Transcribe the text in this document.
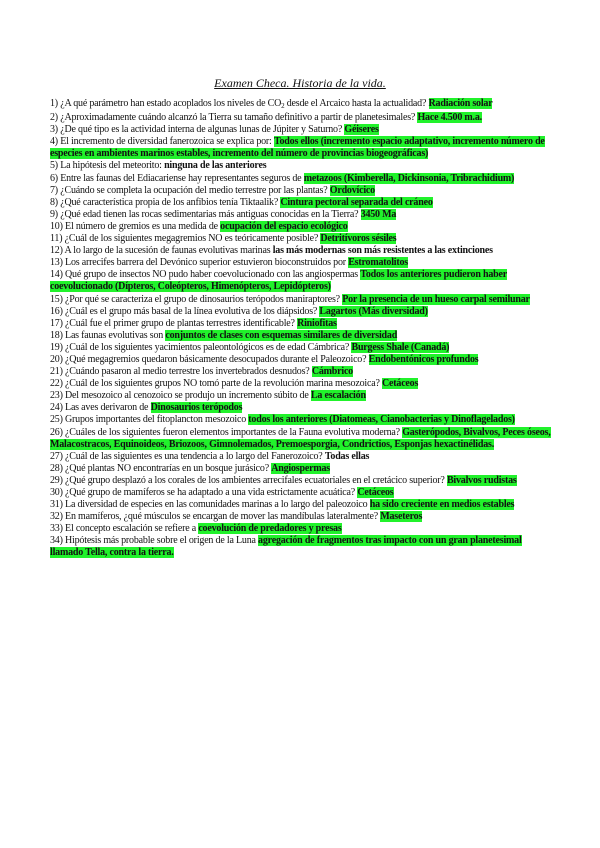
Examen Checa. Historia de la vida.

1) ¿A qué parámetro han estado acoplados los niveles de $CO_2$ desde el Arcaico hasta la actualidad? Radiación solar

2) ¿Aproximadamente cuándo alcanzó la Tierra su tamaño definitivo a partir de planetesimales? Hace 4.500 m.a.

3) ¿De qué tipo es la actividad interna de algunas lunas de Júpiter y Saturno? Géiseres

4) El incremento de diversidad fanerozoica se explica por: Todos ellos (incremento espacio adaptativo, incremento número de especies en ambientes marinos estables, incremento del número de provincias biogeográficas)

5) La hipótesis del meteorito: ninguna de las anteriores

6) Entre las faunas del Ediacariense hay representantes seguros de metazoos (Kimberella, Dickinsonia, Tribrachidium)

7) ¿Cuándo se completa la ocupación del medio terrestre por las plantas? Ordovícico

8) ¿Qué característica propia de los anfibios tenía Tiktaalik? Cintura pectoral separada del cráneo

9) ¿Qué edad tienen las rocas sedimentarias más antiguas conocidas en la Tierra? 3450 Ma

10) El número de gremios es una medida de ocupación del espacio ecológico

11) ¿Cuál de los siguientes megagremios NO es teóricamente posible? Detritívoros sésiles

12) A lo largo de la sucesión de faunas evolutivas marinas las más modernas son más resistentes a las extinciones

13) Los arrecifes barrera del Devónico superior estuvieron bioconstruidos por Estromatolitos

14) Qué grupo de insectos NO pudo haber coevolucionado con las angiospermas Todos los anteriores pudieron haber coevolucionado (Dípteros, Coleópteros, Himenópteros, Lepidópteros)

15) ¿Por qué se caracteriza el grupo de dinosaurios terópodos maniraptores? Por la presencia de un hueso carpal semilunar

16) ¿Cuál es el grupo más basal de la línea evolutiva de los diápsidos? Lagartos (Más diversidad)

17) ¿Cuál fue el primer grupo de plantas terrestres identificable? Riniofitas

18) Las faunas evolutivas son conjuntos de clases con esquemas similares de diversidad

19) ¿Cuál de los siguientes yacimientos paleontológicos es de edad Cámbrica? Burgess Shale (Canadá)

20) ¿Qué megagremios quedaron básicamente desocupados durante el Paleozoico? Endobentónicos profundos

21) ¿Cuándo pasaron al medio terrestre los invertebrados desnudos? Cámbrico

22) ¿Cuál de los siguientes grupos NO tomó parte de la revolución marina mesozoica? Cetáceos

23) Del mesozoico al cenozoico se produjo un incremento súbito de La escalación

24) Las aves derivaron de Dinosaurios terópodos

25) Grupos importantes del fitoplancton mesozoico todos los anteriores (Diatomeas, Cianobacterias y Dinoflagelados)

26) ¿Cuáles de los siguientes fueron elementos importantes de la Fauna evolutiva moderna? Gasterópodos, Bivalvos, Peces óseos, Malacostracos, Equinoideos, Briozoos, Gimnolemados, Premoesporgia, Condrictios, Esponjas hexactinélidas.

27) ¿Cuál de las siguientes es una tendencia a lo largo del Fanerozoico? Todas ellas

28) ¿Qué plantas NO encontrarías en un bosque jurásico? Angiospermas

29) ¿Qué grupo desplazó a los corales de los ambientes arrecifales ecuatoriales en el cretácico superior? Bivalvos rudistas

30) ¿Qué grupo de mamíferos se ha adaptado a una vida estrictamente acuática? Cetáceos

31) La diversidad de especies en las comunidades marinas a lo largo del paleozoico ha sido creciente en medios estables

32) En mamíferos, ¿qué músculos se encargan de mover las mandíbulas lateralmente? Maseteros

33) El concepto escalación se refiere a coevolución de predadores y presas

34) Hipótesis más probable sobre el origen de la Luna agregación de fragmentos tras impacto con un gran planetesimal llamado Tella, contra la tierra.
